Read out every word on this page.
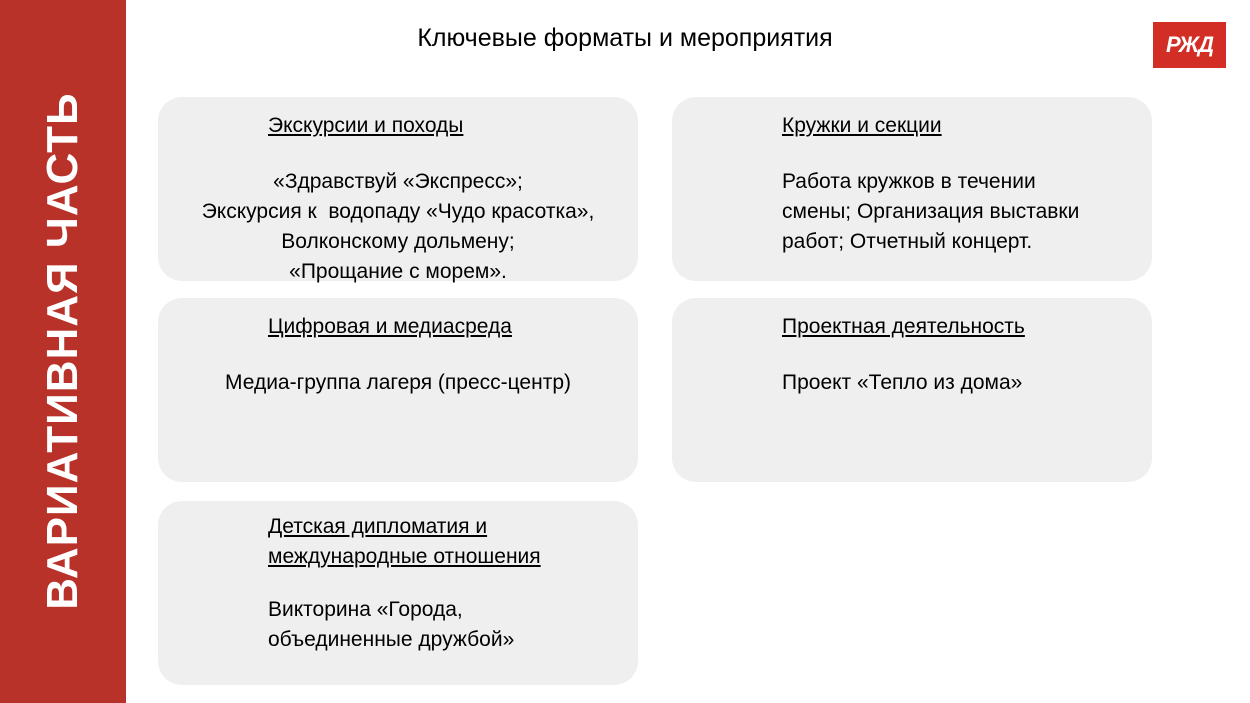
ВАРИАТИВНАЯ ЧАСТЬ
Ключевые форматы и мероприятия	РЖД
Экскурсии и походы
«Здравствуй «Экспресс»;
Экскурсия к  водопаду «Чудо красотка»,
Волконскому дольмену;
«Прощание с морем».
Кружки и секции
Работа кружков в течении
смены; Организация выставки
работ; Отчетный концерт.
Цифровая и медиасреда
Медиа-группа лагеря (пресс-центр)
Проектная деятельность
Проект «Тепло из дома»
Детская дипломатия и
международные отношения
Викторина «Города,
объединенные дружбой»
